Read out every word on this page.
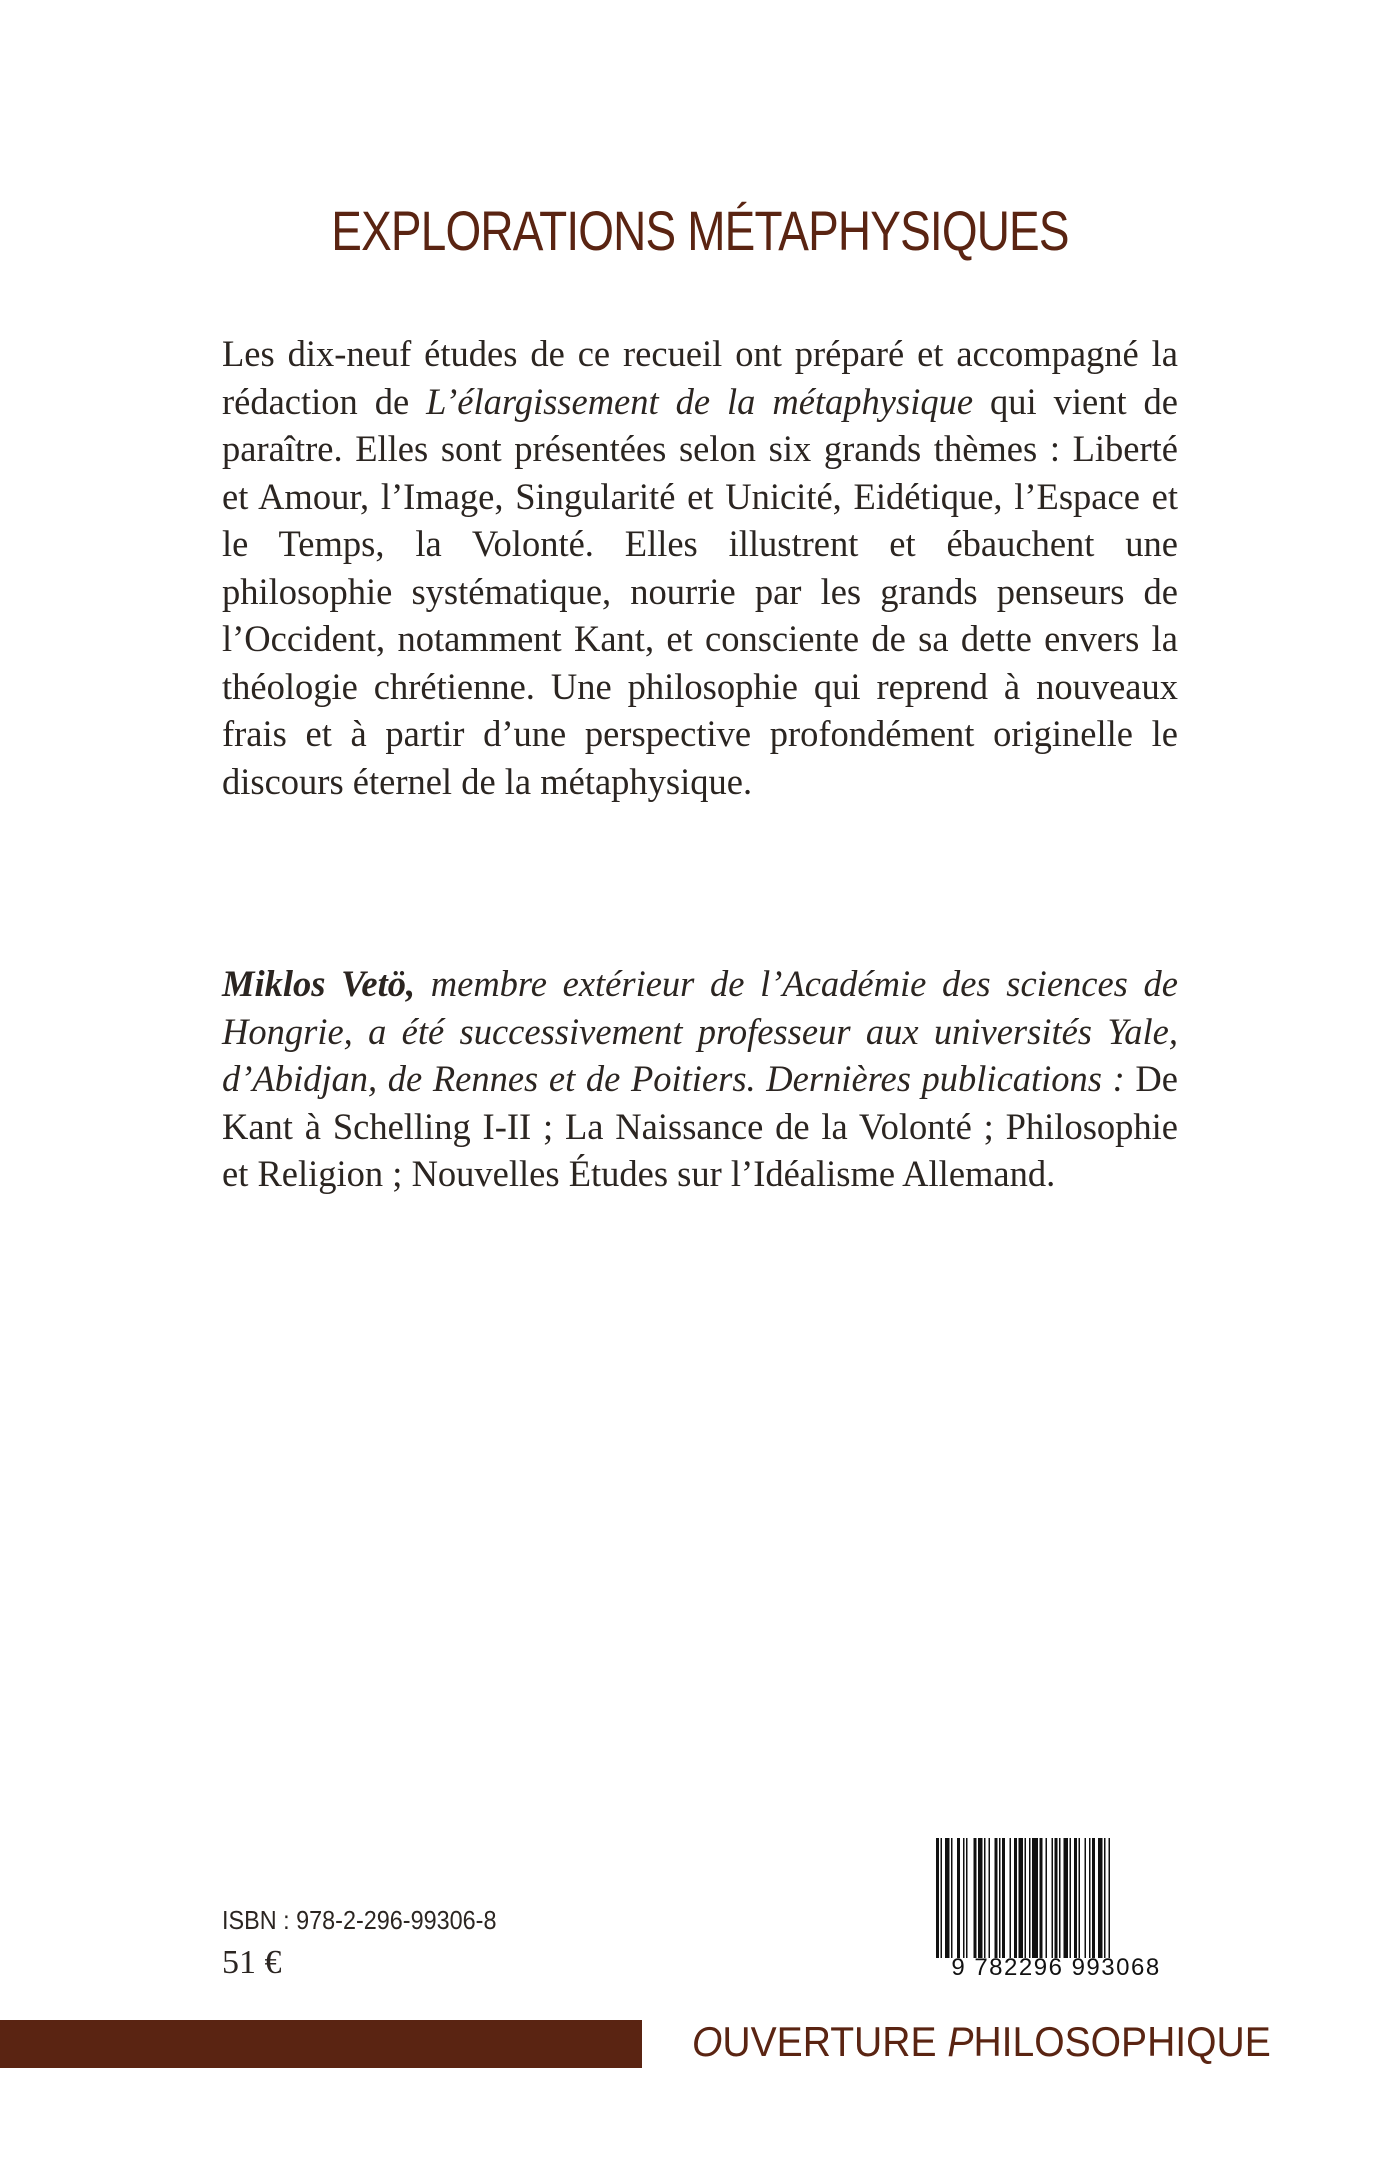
EXPLORATIONS MÉTAPHYSIQUES

Les dix-neuf études de ce recueil ont préparé et accompagné la rédaction de L’élargissement de la métaphysique qui vient de paraître. Elles sont présentées selon six grands thèmes : Liberté et Amour, l’Image, Singularité et Unicité, Eidétique, l’Espace et le Temps, la Volonté. Elles illustrent et ébauchent une philosophie systématique, nourrie par les grands penseurs de l’Occident, notamment Kant, et consciente de sa dette envers la théologie chrétienne. Une philosophie qui reprend à nouveaux frais et à partir d’une perspective profondément originelle le discours éternel de la métaphysique.

Miklos Vetö, membre extérieur de l’Académie des sciences de Hongrie, a été successivement professeur aux universités Yale, d’Abidjan, de Rennes et de Poitiers. Dernières publications : De Kant à Schelling I-II ; La Naissance de la Volonté ; Philosophie et Religion ; Nouvelles Études sur l’Idéalisme Allemand.

ISBN : 978-2-296-99306-8
51 €	9 782296 993068
OUVERTURE PHILOSOPHIQUE
